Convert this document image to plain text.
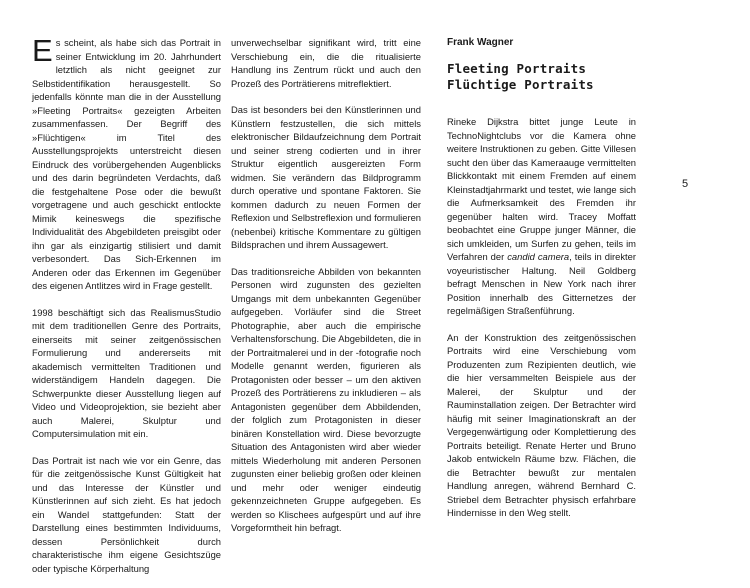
Es scheint, als habe sich das Portrait in seiner Entwicklung im 20. Jahrhundert letztlich als nicht geeignet zur Selbstidentifikation herausgestellt. So jedenfalls könnte man die in der Ausstellung »Fleeting Portraits« gezeigten Arbeiten zusammenfassen. Der Begriff des »Flüchtigen« im Titel des Ausstellungsprojekts unterstreicht diesen Eindruck des vorübergehenden Augenblicks und des darin begründeten Verdachts, daß die festgehaltene Pose oder die bewußt vorgetragene und auch geschickt entlockte Mimik keineswegs die spezifische Individualität des Abgebildeten preisgibt oder ihn gar als einzigartig stilisiert und damit verbesondert. Das Sich-Erkennen im Anderen oder das Erkennen im Gegenüber des eigenen Antlitzes wird in Frage gestellt.

1998 beschäftigt sich das RealismusStudio mit dem traditionellen Genre des Portraits, einerseits mit seiner zeitgenössischen Formulierung und andererseits mit akademisch vermittelten Traditionen und widerständigem Handeln dagegen. Die Schwerpunkte dieser Ausstellung liegen auf Video und Videoprojektion, sie bezieht aber auch Malerei, Skulptur und Computersimulation mit ein.

Das Portrait ist nach wie vor ein Genre, das für die zeitgenössische Kunst Gültigkeit hat und das Interesse der Künstler und Künstlerinnen auf sich zieht. Es hat jedoch ein Wandel stattgefunden: Statt der Darstellung eines bestimmten Individuums, dessen Persönlichkeit durch charakteristische ihm eigene Gesichtszüge oder typische Körperhaltung

unverwechselbar signifikant wird, tritt eine Verschiebung ein, die die ritualisierte Handlung ins Zentrum rückt und auch den Prozeß des Porträtierens mitreflektiert.

Das ist besonders bei den Künstlerinnen und Künstlern festzustellen, die sich mittels elektronischer Bildaufzeichnung dem Portrait und seiner streng codierten und in ihrer Struktur eigentlich ausgereizten Form widmen. Sie verändern das Bildprogramm durch operative und spontane Faktoren. Sie kommen dadurch zu neuen Formen der Reflexion und Selbstreflexion und formulieren (nebenbei) kritische Kommentare zu gültigen Bildsprachen und ihrem Aussagewert.

Das traditionsreiche Abbilden von bekannten Personen wird zugunsten des gezielten Umgangs mit dem unbekannten Gegenüber aufgegeben. Vorläufer sind die Street Photographie, aber auch die empirische Verhaltensforschung. Die Abgebildeten, die in der Portraitmalerei und in der -fotografie noch Modelle genannt werden, figurieren als Protagonisten oder besser – um den aktiven Prozeß des Porträtierens zu inkludieren – als Antagonisten gegenüber dem Abbildenden, der folglich zum Protagonisten in dieser binären Konstellation wird. Diese bevorzugte Situation des Antagonisten wird aber wieder mittels Wiederholung mit anderen Personen zugunsten einer beliebig großen oder kleinen und mehr oder weniger eindeutig gekennzeichneten Gruppe aufgegeben. Es werden so Klischees aufgespürt und auf ihre Vorgeformtheit hin befragt.

Frank Wagner

Fleeting Portraits
Flüchtige Portraits

Rineke Dijkstra bittet junge Leute in TechnoNightclubs vor die Kamera ohne weitere Instruktionen zu geben. Gitte Villesen sucht den über das Kameraauge vermittelten Blickkontakt mit einem Fremden auf einem Kleinstadtjahrmarkt und testet, wie lange sich die Aufmerksamkeit des Fremden ihr gegenüber halten wird. Tracey Moffatt beobachtet eine Gruppe junger Männer, die sich umkleiden, um Surfen zu gehen, teils im Verfahren der candid camera, teils in direkter voyeuristischer Haltung. Neil Goldberg befragt Menschen in New York nach ihrer Position innerhalb des Gitternetzes der regelmäßigen Straßenführung.

An der Konstruktion des zeitgenössischen Portraits wird eine Verschiebung vom Produzenten zum Rezipienten deutlich, wie die hier versammelten Beispiele aus der Malerei, der Skulptur und der Rauminstallation zeigen. Der Betrachter wird häufig mit seiner Imaginationskraft an der Vergegenwärtigung oder Komplettierung des Portraits beteiligt. Renate Herter und Bruno Jakob entwickeln Räume bzw. Flächen, die die Betrachter bewußt zur mentalen Handlung anregen, während Bernhard C. Striebel dem Betrachter physisch erfahrbare Hindernisse in den Weg stellt.

5
